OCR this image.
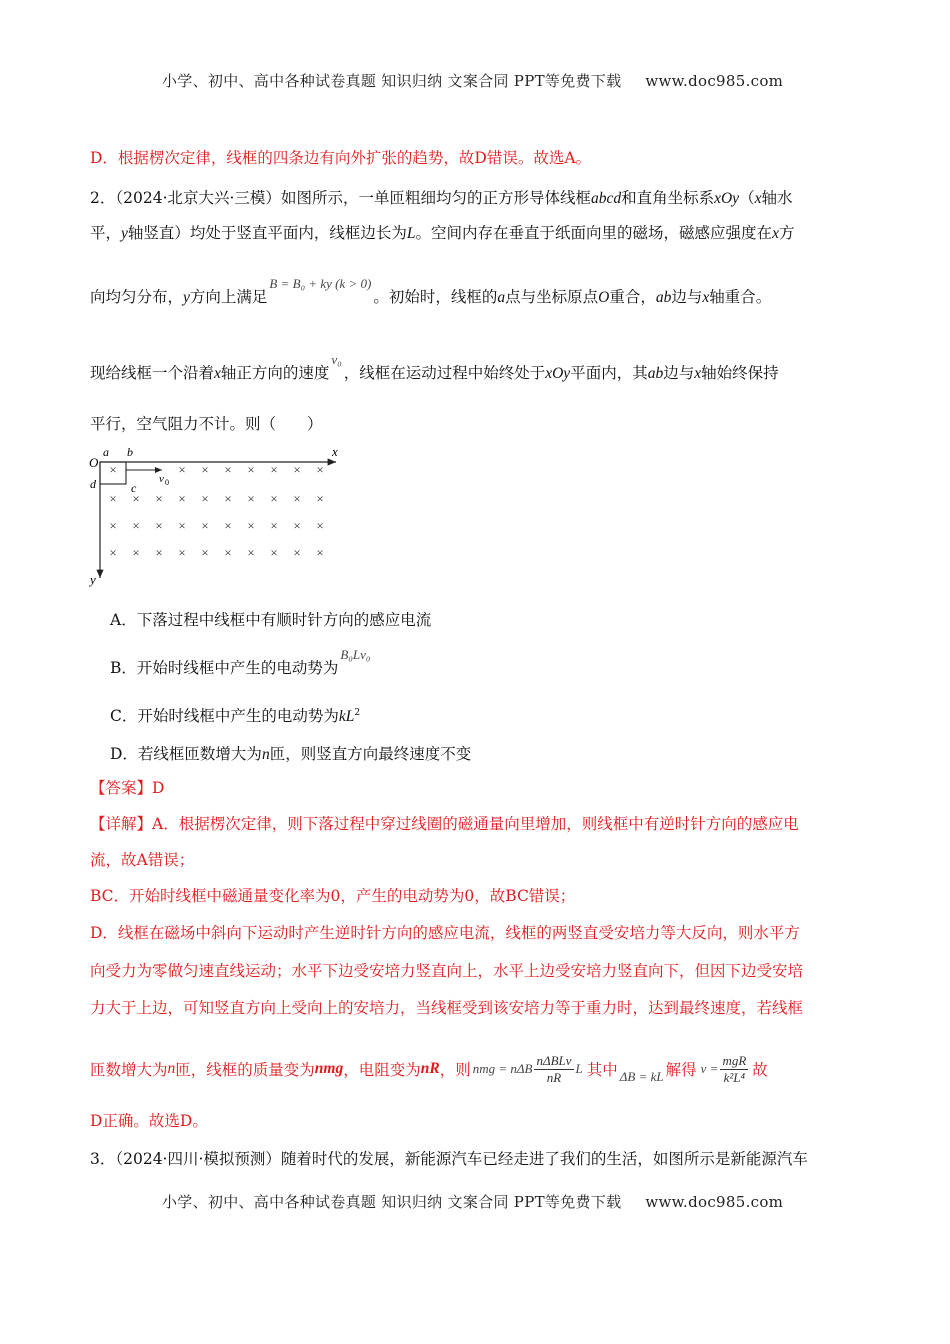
小学、初中、高中各种试卷真题 知识归纳 文案合同 PPT等免费下载 www.doc985.com
D．根据楞次定律，线框的四条边有向外扩张的趋势，故D错误。故选A。
2．（2024·北京大兴·三模）如图所示，一单匝粗细均匀的正方形导体线框abcd和直角坐标系xOy（x轴水
平，y轴竖直）均处于竖直平面内，线框边长为L。空间内存在垂直于纸面向里的磁场，磁感应强度在x方
向均匀分布，y方向上满足$^{B = B_0 + ky (k > 0)}$。初始时，线框的a点与坐标原点O重合，ab边与x轴重合。
现给线框一个沿着x轴正方向的速度$^{v_0}$，线框在运动过程中始终处于xOy平面内，其ab边与x轴始终保持
平行，空气阻力不计。则（　　）
O
a b
c
d
x
y
v 0
×	× × × × × × ×
× × × × × × × × × ×
× × × × × × × × × ×
× × × × × × × × × ×
A．下落过程中线框中有顺时针方向的感应电流
B．开始时线框中产生的电动势为$^{B_0Lv_0}$
C．开始时线框中产生的电动势为$kL^2$
D．若线框匝数增大为n匝，则竖直方向最终速度不变
【答案】D
【详解】A．根据楞次定律，则下落过程中穿过线圈的磁通量向里增加，则线框中有逆时针方向的感应电
流，故A错误；
BC．开始时线框中磁通量变化率为0，产生的电动势为0，故BC错误；
D．线框在磁场中斜向下运动时产生逆时针方向的感应电流，线框的两竖直受安培力等大反向，则水平方
向受力为零做匀速直线运动；水平下边受安培力竖直向上，水平上边受安培力竖直向下，但因下边受安培
力大于上边，可知竖直方向上受向上的安培力，当线框受到该安培力等于重力时，达到最终速度，若线框
匝数增大为 n 匝，线框的质量变为 nmg ，电阻变为 nR ，则 nmg = nΔB $\frac{\text{nΔBLv}}{nR}$ L 其中 ΔB = kL 解得 $v = \frac{\text{mgR}}{\text{k²L⁴}}$ 故
D正确。故选D。
3．（2024·四川·模拟预测）随着时代的发展，新能源汽车已经走进了我们的生活，如图所示是新能源汽车
小学、初中、高中各种试卷真题 知识归纳 文案合同 PPT等免费下载 www.doc985.com
